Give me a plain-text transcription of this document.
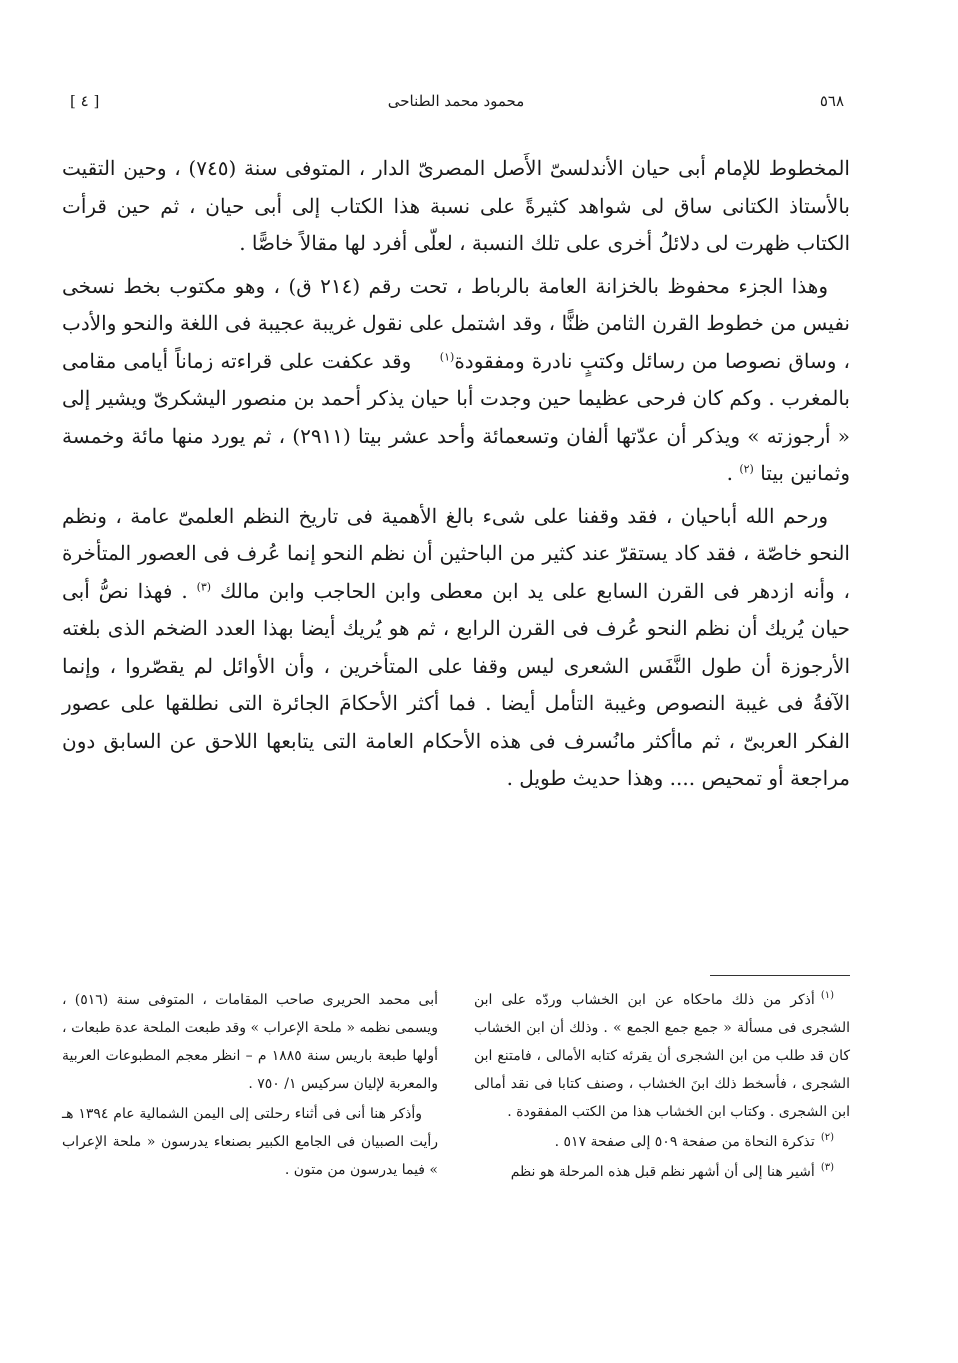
٥٦٨
محمود محمد الطناحى
[ ٤ ]

المخطوط للإمام أبى حيان الأندلسىّ الأَصل المصرىّ الدار ، المتوفى سنة (٧٤٥) ، وحين التقيت بالأستاذ الكتانى ساق لى شواهد كثيرةً على نسبة هذا الكتاب إلى أبى حيان ، ثم حين قرأت الكتاب ظهرت لى دلائلُ أخرى على تلك النسبة ، لعلّى أفرد لها مقالاً خاصًّا .

وهذا الجزء محفوظ بالخزانة العامة بالرباط ، تحت رقم (٢١٤ ق) ، وهو مكتوب بخط نسخى نفيس من خطوط القرن الثامن ظنًّا ، وقد اشتمل على نقول غريبة عجيبة فى اللغة والنحو والأدب ، وساق نصوصا من رسائل وكتبٍ نادرة ومفقودة$^{(١)}$    وقد عكفت على قراءته زماناً أيامى مقامى بالمغرب . وكم كان فرحى عظيما حين وجدت أبا حيان يذكر أحمد بن منصور اليشكرىّ ويشير إلى « أرجوزته » ويذكر أن عدّتها ألفان وتسعمائة وأحد عشر بيتا (٢٩١١) ، ثم يورد منها مائة وخمسة وثمانين بيتا $^{(٢)}$ .

ورحم الله أباحيان ، فقد وقفنا على شىء بالغ الأهمية فى تاريخ النظم العلمىّ عامة ، ونظم النحو خاصّة ، فقد كاد يستقرّ عند كثير من الباحثين أن نظم النحو إنما عُرف فى العصور المتأخرة ، وأنه ازدهر فى القرن السابع على يد ابن معطى وابن الحاجب وابن مالك $^{(٣)}$ . فهذا نصُّ أبى حيان يُريك أن نظم النحو عُرف فى القرن الرابع ، ثم هو يُريك أيضا بهذا العدد الضخم الذى بلغته الأرجوزة أن طول النَّفَس الشعرى ليس وقفا على المتأخرين ، وأن الأوائل لم يقصّروا ، وإنما الآفةُ فى غيبة النصوص وغيبة التأمل أيضا . فما أكثر الأحكامَ الجائرة التى نطلقها على عصور الفكر العربىّ ، ثم ماأكثر مانُسرف فى هذه الأحكام العامة التى يتابعها اللاحق عن السابق دون مراجعة أو تمحيص .... وهذا حديث طويل .

$^{(١)}$أذكر من ذلك ماحكاه عن ابن الخشاب وردّه على ابن الشجرى فى مسألة « جمع جمع الجمع » . وذلك أن ابن الخشاب كان قد طلب من ابن الشجرى أن يقرئه كتابه الأمالى ، فامتنع ابن الشجرى ، فأسخط ذلك ابنَ الخشاب ، وصنف كتابا فى نقد أمالى ابن الشجرى . وكتاب ابن الخشاب هذا من الكتب المفقودة .

$^{(٢)}$تذكرة النحاة من صفحة ٥٠٩ إلى صفحة ٥١٧ .

$^{(٣)}$أشير هنا إلى أن أشهر نظم قبل هذه المرحلة هو نظم

أبى محمد الحريرى صاحب المقامات ، المتوفى سنة (٥١٦) ، ويسمى نظمه « ملحة الإعراب » وقد طبعت الملحة عدة طبعات ، أولها طبعة باريس سنة ١٨٨٥ م – انظر معجم المطبوعات العربية والمعربة لإليان سركيس ١/ ٧٥٠ .

وأذكر هنا أنى فى أثناء رحلتى إلى اليمن الشمالية عام ١٣٩٤ هـ رأيت الصبيان فى الجامع الكبير بصنعاء يدرسون « ملحة الإعراب » فيما يدرسون من متون .
